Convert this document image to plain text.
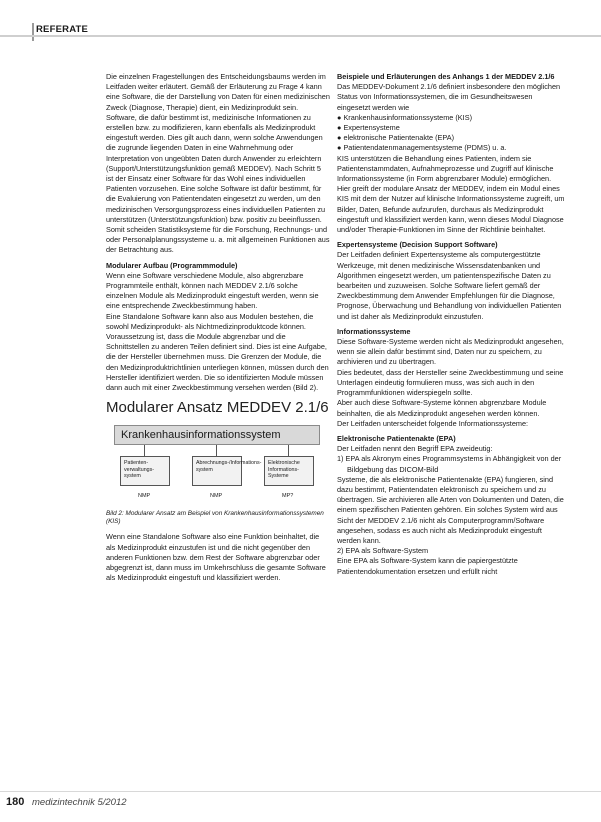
REFERATE

Die einzelnen Fragestellungen des Entscheidungsbaums werden im Leitfaden weiter erläutert. Gemäß der Erläuterung zu Frage 4 kann eine Software, die der Darstellung von Daten für einen medizinischen Zweck (Diagnose, Therapie) dient, ein Medizinprodukt sein. Software, die dafür bestimmt ist, medizinische Informationen zu erstellen bzw. zu modifizieren, kann ebenfalls als Medizinprodukt eingestuft werden. Dies gilt auch dann, wenn solche Anwendungen die zugrunde liegenden Daten in eine Wahrnehmung oder Interpretation von ungeübten Daten durch Anwender zu erleichtern (Support/Unterstützungsfunktion gemäß MEDDEV). Nach Schritt 5 ist der Einsatz einer Software für das Wohl eines individuellen Patienten vorzusehen. Eine solche Software ist dafür bestimmt, für die Evaluierung von Patientendaten eingesetzt zu werden, um den medizinischen Versorgungsprozess eines individuellen Patienten zu unterstützen (Unterstützungsfunktion) bzw. positiv zu beeinflussen. Somit scheiden Statistiksysteme für die Forschung, Rechnungs- und oder Personalplanungssysteme u. a. mit allgemeinen Funktionen aus der Betrachtung aus.

Modularer Aufbau (Programmmodule)

Wenn eine Software verschiedene Module, also abgrenzbare Programmteile enthält, können nach MEDDEV 2.1/6 solche einzelnen Module als Medizinprodukt eingestuft werden, wenn sie eine entsprechende Zweckbestimmung haben.

Eine Standalone Software kann also aus Modulen bestehen, die sowohl Medizinprodukt- als Nichtmedizinproduktcode können. Voraussetzung ist, dass die Module abgrenzbar und die Schnittstellen zu anderen Teilen definiert sind. Dies ist eine Aufgabe, die der Hersteller übernehmen muss. Die Grenzen der Module, die den Medizinproduktrichtlinien unterliegen können, müssen durch den Hersteller identifiziert werden. Die so identifizierten Module müssen dann auch mit einer Zweckbestimmung versehen werden (Bild 2).

Modularer Ansatz MEDDEV 2.1/6
Krankenhausinformationssystem
Patienten-verwaltungs-system
Abrechnungs-/Informations-system
Elektronische Informations-Systeme
NMP	NMP	MP?

Bild 2: Modularer Ansatz am Beispiel von Krankenhausinformationssystemen (KIS)

Wenn eine Standalone Software also eine Funktion beinhaltet, die als Medizinprodukt einzustufen ist und die nicht gegenüber den anderen Funktionen bzw. dem Rest der Software abgrenzbar oder abgegrenzt ist, dann muss im Umkehrschluss die gesamte Software als Medizinprodukt eingestuft und klassifiziert werden.

Beispiele und Erläuterungen des Anhangs 1 der MEDDEV 2.1/6

Das MEDDEV-Dokument 2.1/6 definiert insbesondere den möglichen Status von Informationssystemen, die im Gesundheitswesen eingesetzt werden wie

● Krankenhausinformationssysteme (KIS)

● Expertensysteme

● elektronische Patientenakte (EPA)

● Patientendatenmanagementsysteme (PDMS) u. a.

KIS unterstützen die Behandlung eines Patienten, indem sie Patientenstammdaten, Aufnahmeprozesse und Zugriff auf klinische Informationssysteme (in Form abgrenzbarer Module) ermöglichen. Hier greift der modulare Ansatz der MEDDEV, indem ein Modul eines KIS mit dem der Nutzer auf klinische Informationssysteme zugreift, um Bilder, Daten, Befunde aufzurufen, durchaus als Medizinprodukt eingestuft und klassifiziert werden kann, wenn dieses Modul Diagnose und/oder Therapie-Funktionen im Sinne der Richtlinie beinhaltet.

Expertensysteme (Decision Support Software)

Der Leitfaden definiert Expertensysteme als computergestützte Werkzeuge, mit denen medizinische Wissensdatenbanken und Algorithmen eingesetzt werden, um patientenspezifische Daten zu bearbeiten und zuzuweisen. Solche Software liefert gemäß der Zweckbestimmung dem Anwender Empfehlungen für die Diagnose, Prognose, Überwachung und Behandlung von individuellen Patienten und ist daher als Medizinprodukt einzustufen.

Informationssysteme

Diese Software-Systeme werden nicht als Medizinprodukt angesehen, wenn sie allein dafür bestimmt sind, Daten nur zu speichern, zu archivieren und zu übertragen.

Dies bedeutet, dass der Hersteller seine Zweckbestimmung und seine Unterlagen eindeutig formulieren muss, was sich auch in den Programmfunktionen widerspiegeln sollte.

Aber auch diese Software-Systeme können abgrenzbare Module beinhalten, die als Medizinprodukt angesehen werden können.

Der Leitfaden unterscheidet folgende Informationssysteme:

Elektronische Patientenakte (EPA)

Der Leitfaden nennt den Begriff EPA zweideutig:

1) EPA als Akronym eines Programmsystems in Abhängigkeit von der Bildgebung das DICOM-Bild

Systeme, die als elektronische Patientenakte (EPA) fungieren, sind dazu bestimmt, Patientendaten elektronisch zu speichern und zu übertragen. Sie archivieren alle Arten von Dokumenten und Daten, die einem spezifischen Patienten gehören. Ein solches System wird aus Sicht der MEDDEV 2.1/6 nicht als Computerprogramm/Software angesehen, sodass es auch nicht als Medizinprodukt eingestuft werden kann.

2) EPA als Software-System

Eine EPA als Software-System kann die papiergestützte Patientendokumentation ersetzen und erfüllt nicht

180 medizintechnik 5/2012
